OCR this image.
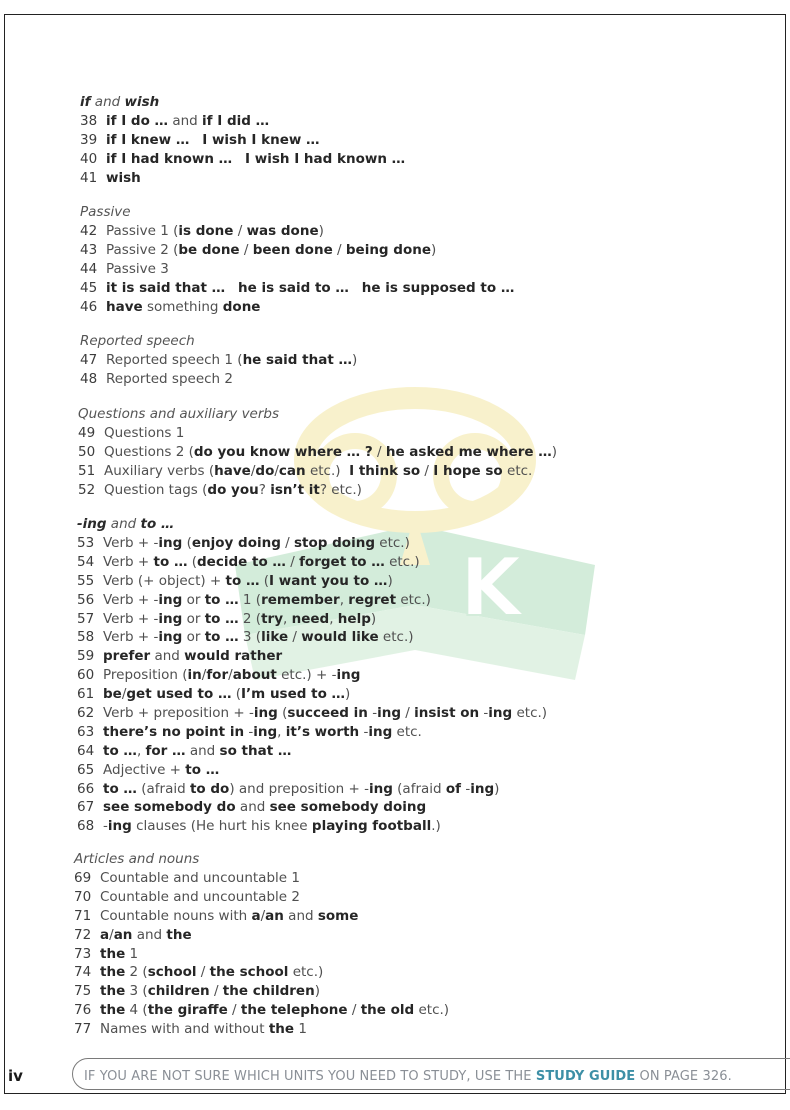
K
if and wish
38 if I do … and if I did …
39 if I knew … I wish I knew …
40 if I had known … I wish I had known …
41 wish
Passive
42 Passive 1 (is done / was done)
43 Passive 2 (be done / been done / being done)
44 Passive 3
45 it is said that … he is said to … he is supposed to …
46 have something done
Reported speech
47 Reported speech 1 (he said that …)
48 Reported speech 2
Questions and auxiliary verbs
49 Questions 1
50 Questions 2 (do you know where … ? / he asked me where …)
51 Auxiliary verbs (have/do/can etc.)  I think so / I hope so etc.
52 Question tags (do you? isn’t it? etc.)
-ing and to …
53 Verb + -ing (enjoy doing / stop doing etc.)
54 Verb + to … (decide to … / forget to … etc.)
55 Verb (+ object) + to … (I want you to …)
56 Verb + -ing or to … 1 (remember, regret etc.)
57 Verb + -ing or to … 2 (try, need, help)
58 Verb + -ing or to … 3 (like / would like etc.)
59 prefer and would rather
60 Preposition (in/for/about etc.) + -ing
61 be/get used to … (I’m used to …)
62 Verb + preposition + -ing (succeed in -ing / insist on -ing etc.)
63 there’s no point in -ing, it’s worth -ing etc.
64 to …, for … and so that …
65 Adjective + to …
66 to … (afraid to do) and preposition + -ing (afraid of -ing)
67 see somebody do and see somebody doing
68 -ing clauses (He hurt his knee playing football.)
Articles and nouns
69 Countable and uncountable 1
70 Countable and uncountable 2
71 Countable nouns with a/an and some
72 a/an and the
73 the 1
74 the 2 (school / the school etc.)
75 the 3 (children / the children)
76 the 4 (the giraffe / the telephone / the old etc.)
77 Names with and without the 1
iv	IF YOU ARE NOT SURE WHICH UNITS YOU NEED TO STUDY, USE THE STUDY GUIDE ON PAGE 326.
